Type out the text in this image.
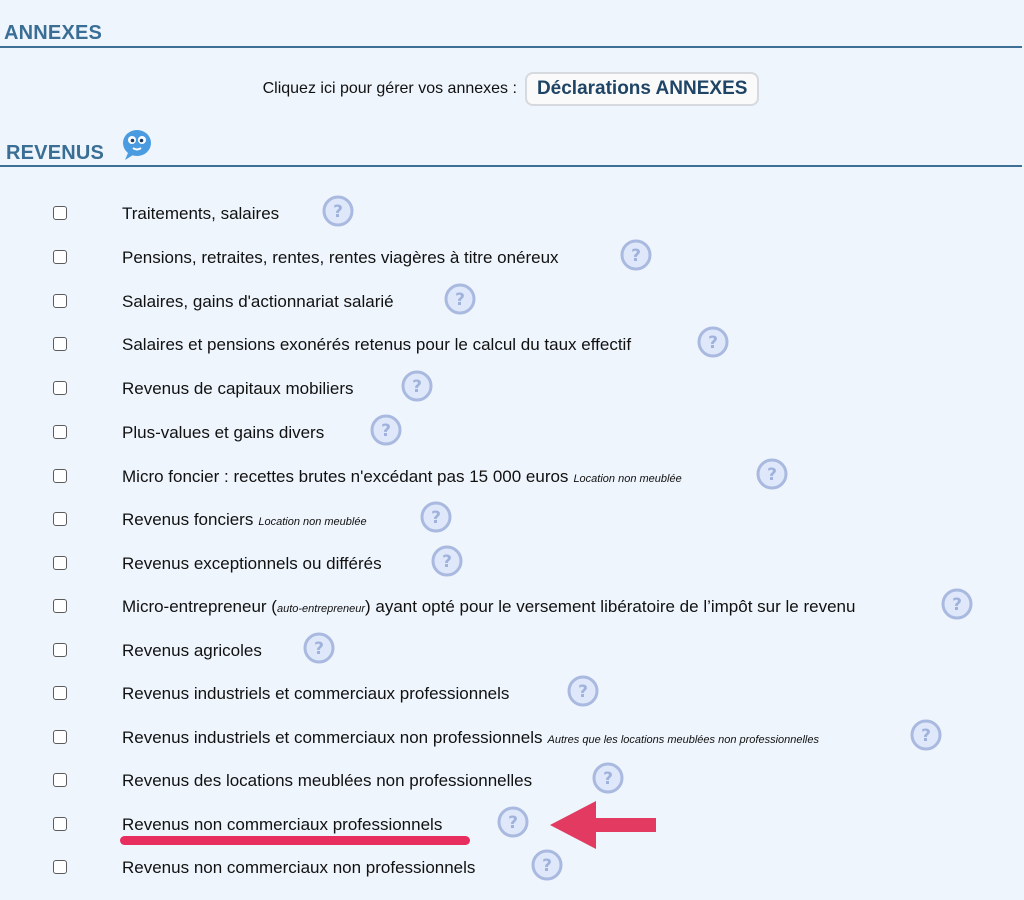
ANNEXES
Cliquez ici pour gérer vos annexes :	Déclarations ANNEXES
REVENUS
Traitements, salaires	?
Pensions, retraites, rentes, rentes viagères à titre onéreux	?
Salaires, gains d'actionnariat salarié	?
Salaires et pensions exonérés retenus pour le calcul du taux effectif	?
Revenus de capitaux mobiliers	?
Plus-values et gains divers	?
Micro foncier : recettes brutes n'excédant pas 15 000 euros Location non meublée	?
Revenus fonciers Location non meublée	?
Revenus exceptionnels ou différés	?
Micro-entrepreneur ( auto-entrepreneur ) ayant opté pour le versement libératoire de l’impôt sur le revenu	?
Revenus agricoles	?
Revenus industriels et commerciaux professionnels	?
Revenus industriels et commerciaux non professionnels Autres que les locations meublées non professionnelles	?
Revenus des locations meublées non professionnelles	?
Revenus non commerciaux professionnels	?
Revenus non commerciaux non professionnels	?
